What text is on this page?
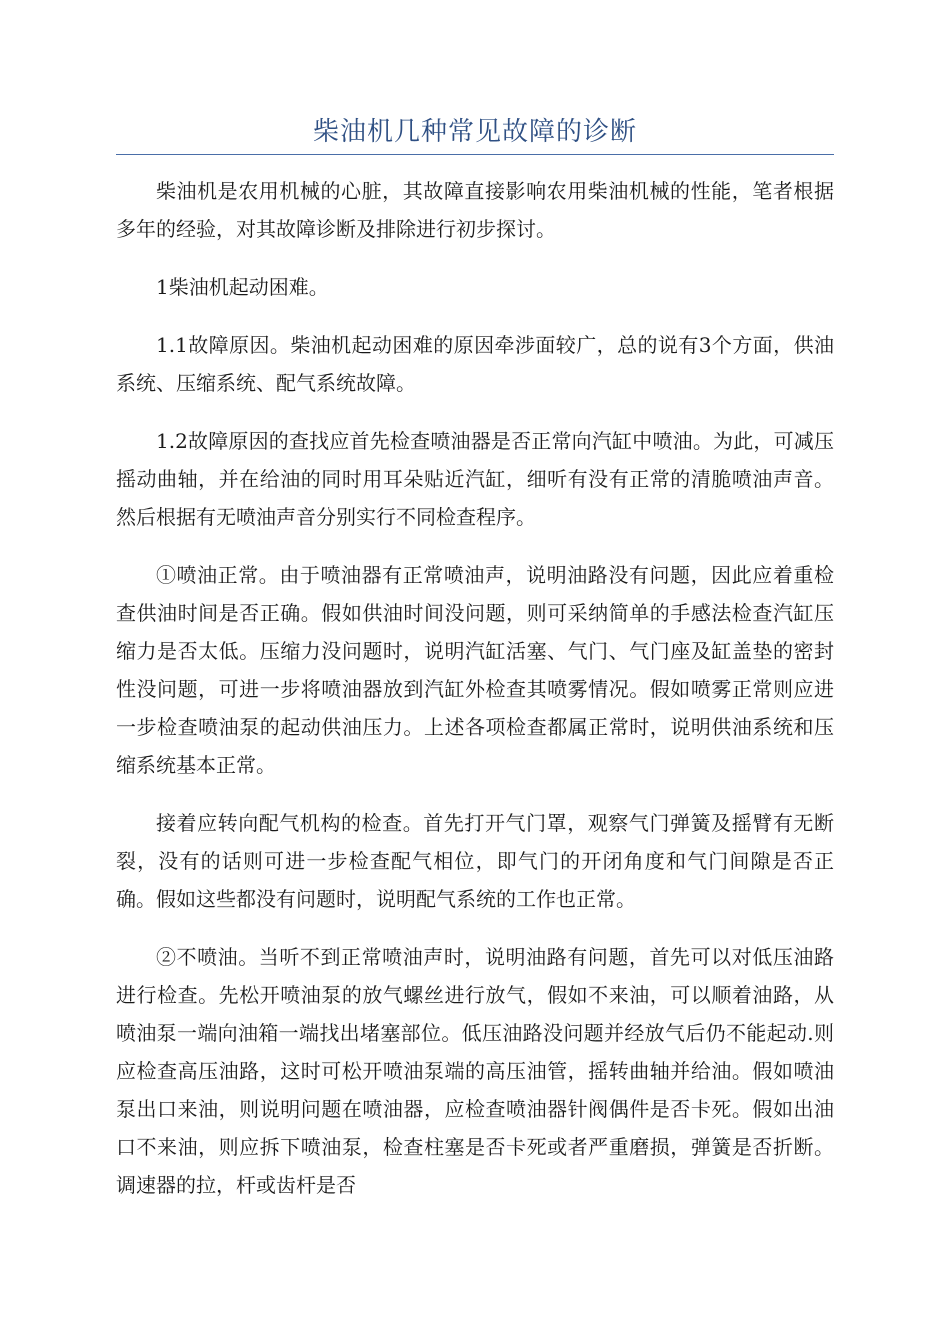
柴油机几种常见故障的诊断

柴油机是农用机械的心脏，其故障直接影响农用柴油机械的性能，笔者根据多年的经验，对其故障诊断及排除进行初步探讨。

1柴油机起动困难。

1.1故障原因。柴油机起动困难的原因牵涉面较广，总的说有3个方面，供油系统、压缩系统、配气系统故障。

1.2故障原因的查找应首先检查喷油器是否正常向汽缸中喷油。为此，可减压摇动曲轴，并在给油的同时用耳朵贴近汽缸，细听有没有正常的清脆喷油声音。然后根据有无喷油声音分别实行不同检查程序。

①喷油正常。由于喷油器有正常喷油声，说明油路没有问题，因此应着重检查供油时间是否正确。假如供油时间没问题，则可采纳简单的手感法检查汽缸压缩力是否太低。压缩力没问题时，说明汽缸活塞、气门、气门座及缸盖垫的密封性没问题，可进一步将喷油器放到汽缸外检查其喷雾情况。假如喷雾正常则应进一步检查喷油泵的起动供油压力。上述各项检查都属正常时，说明供油系统和压缩系统基本正常。

接着应转向配气机构的检查。首先打开气门罩，观察气门弹簧及摇臂有无断裂，没有的话则可进一步检查配气相位，即气门的开闭角度和气门间隙是否正确。假如这些都没有问题时，说明配气系统的工作也正常。

②不喷油。当听不到正常喷油声时，说明油路有问题，首先可以对低压油路进行检查。先松开喷油泵的放气螺丝进行放气，假如不来油，可以顺着油路，从喷油泵一端向油箱一端找出堵塞部位。低压油路没问题并经放气后仍不能起动.则应检查高压油路，这时可松开喷油泵端的高压油管，摇转曲轴并给油。假如喷油泵出口来油，则说明问题在喷油器，应检查喷油器针阀偶件是否卡死。假如出油口不来油，则应拆下喷油泵，检查柱塞是否卡死或者严重磨损，弹簧是否折断。调速器的拉，杆或齿杆是否
